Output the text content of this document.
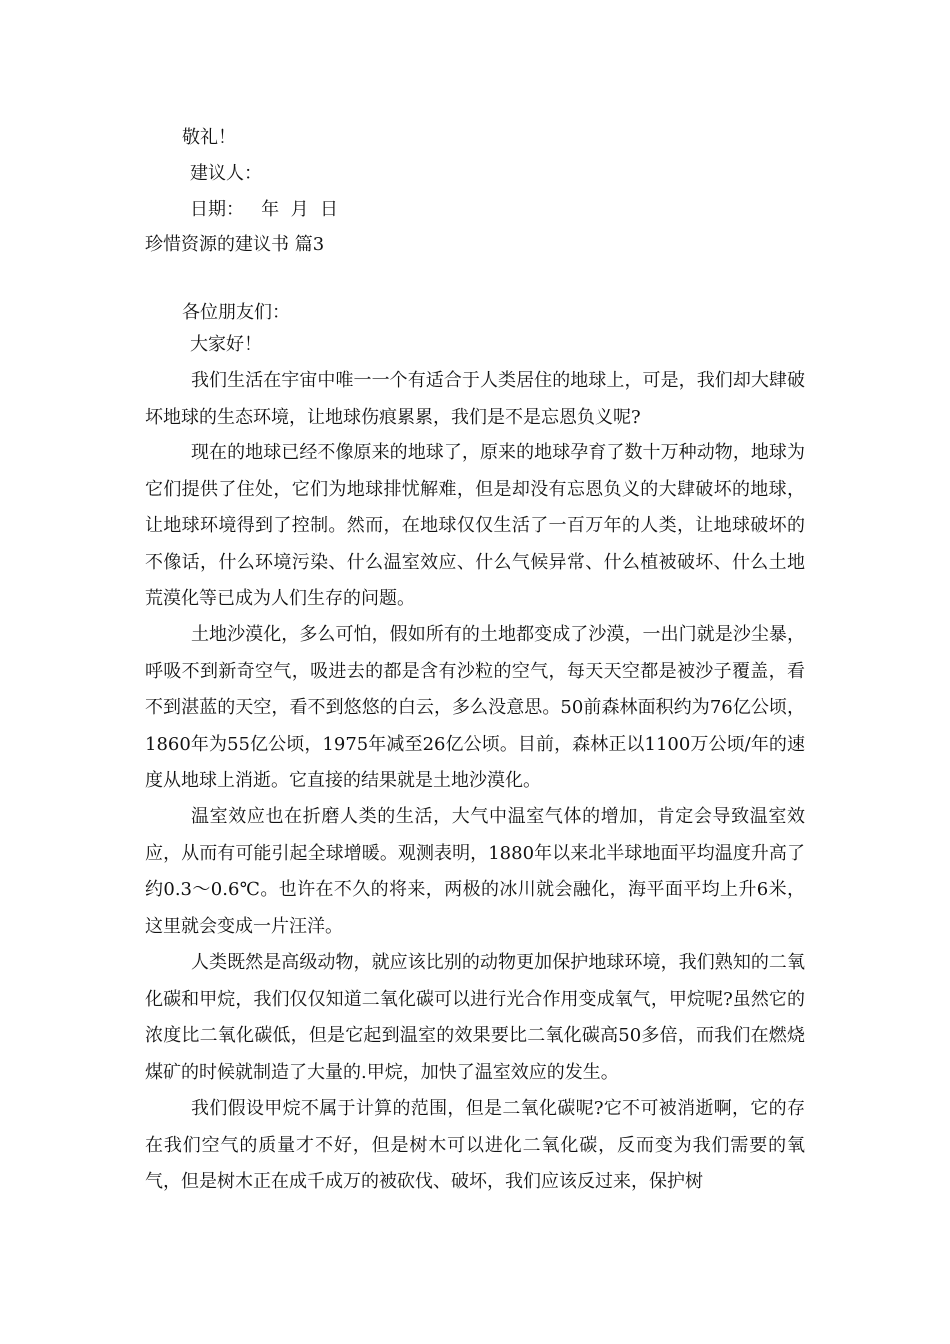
敬礼！
建议人：
日期：   年  月  日
珍惜资源的建议书 篇3
各位朋友们：
大家好！
我们生活在宇宙中唯一一个有适合于人类居住的地球上，可是，我们却大肆破坏地球的生态环境，让地球伤痕累累，我们是不是忘恩负义呢?
现在的地球已经不像原来的地球了，原来的地球孕育了数十万种动物，地球为它们提供了住处，它们为地球排忧解难，但是却没有忘恩负义的大肆破坏的地球，让地球环境得到了控制。然而，在地球仅仅生活了一百万年的人类，让地球破坏的不像话，什么环境污染、什么温室效应、什么气候异常、什么植被破坏、什么土地荒漠化等已成为人们生存的问题。
土地沙漠化，多么可怕，假如所有的土地都变成了沙漠，一出门就是沙尘暴，呼吸不到新奇空气，吸进去的都是含有沙粒的空气，每天天空都是被沙子覆盖，看不到湛蓝的天空，看不到悠悠的白云，多么没意思。50前森林面积约为76亿公顷，1860年为55亿公顷，1975年减至26亿公顷。目前，森林正以1100万公顷/年的速度从地球上消逝。它直接的结果就是土地沙漠化。
温室效应也在折磨人类的生活，大气中温室气体的增加，肯定会导致温室效应，从而有可能引起全球增暖。观测表明，1880年以来北半球地面平均温度升高了约0.3～0.6℃。也许在不久的将来，两极的冰川就会融化，海平面平均上升6米，这里就会变成一片汪洋。
人类既然是高级动物，就应该比别的动物更加保护地球环境，我们熟知的二氧化碳和甲烷，我们仅仅知道二氧化碳可以进行光合作用变成氧气，甲烷呢?虽然它的浓度比二氧化碳低，但是它起到温室的效果要比二氧化碳高50多倍，而我们在燃烧煤矿的时候就制造了大量的.甲烷，加快了温室效应的发生。
我们假设甲烷不属于计算的范围，但是二氧化碳呢?它不可被消逝啊，它的存在我们空气的质量才不好，但是树木可以进化二氧化碳，反而变为我们需要的氧气，但是树木正在成千成万的被砍伐、破坏，我们应该反过来，保护树
